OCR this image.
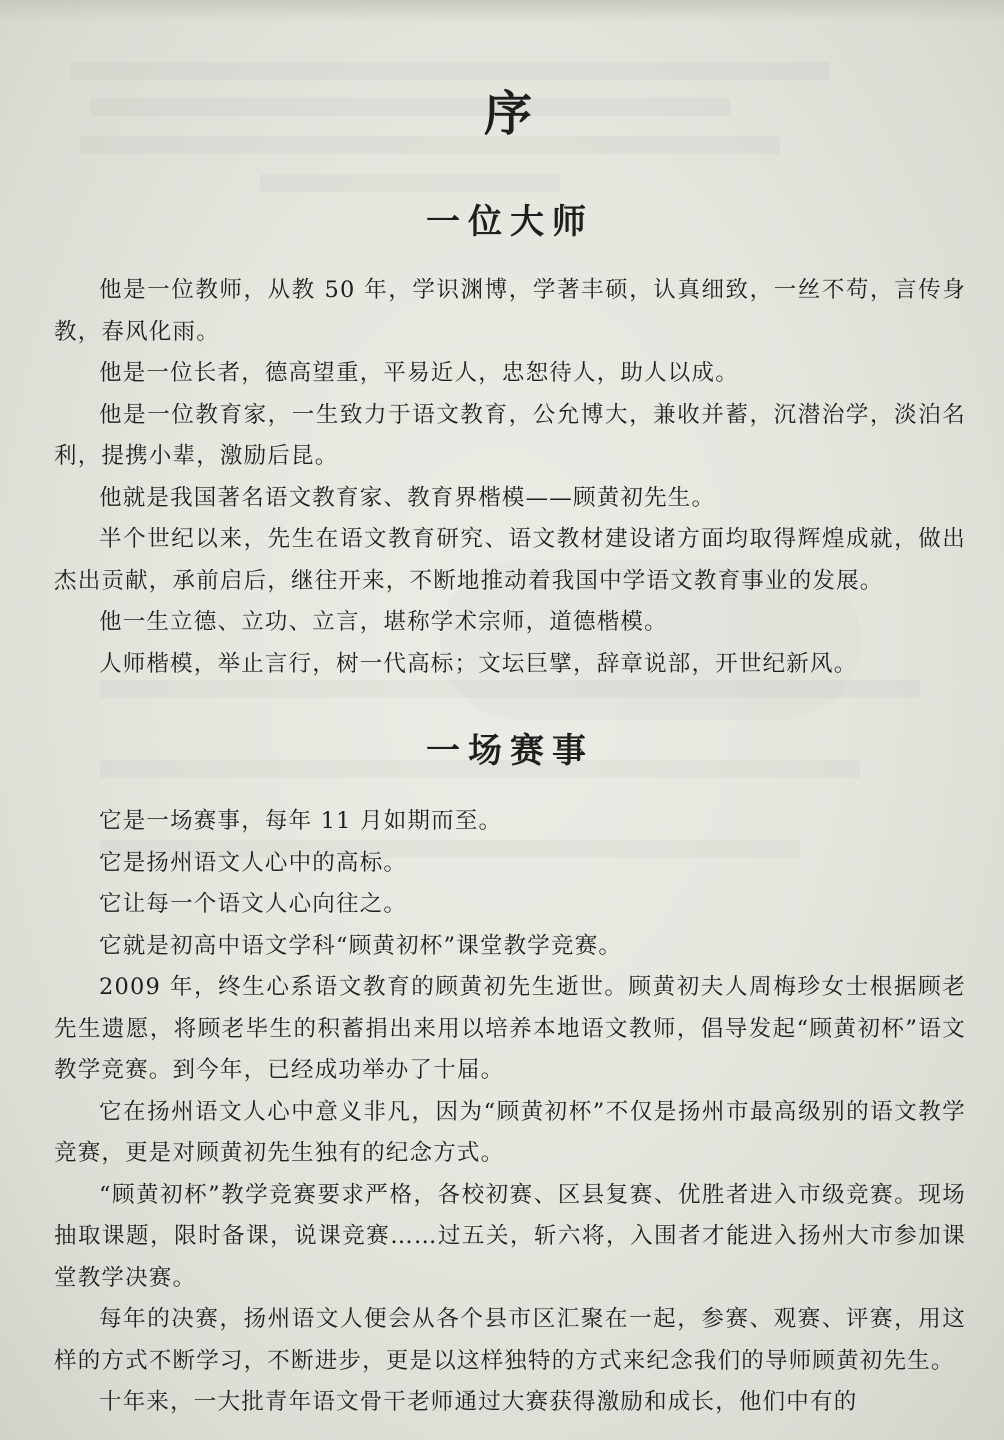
序
一位大师

他是一位教师，从教 50 年，学识渊博，学著丰硕，认真细致，一丝不苟，言传身教，春风化雨。

他是一位长者，德高望重，平易近人，忠恕待人，助人以成。

他是一位教育家，一生致力于语文教育，公允博大，兼收并蓄，沉潜治学，淡泊名利，提携小辈，激励后昆。

他就是我国著名语文教育家、教育界楷模——顾黄初先生。

半个世纪以来，先生在语文教育研究、语文教材建设诸方面均取得辉煌成就，做出杰出贡献，承前启后，继往开来，不断地推动着我国中学语文教育事业的发展。

他一生立德、立功、立言，堪称学术宗师，道德楷模。

人师楷模，举止言行，树一代高标；文坛巨擘，辞章说部，开世纪新风。

一场赛事

它是一场赛事，每年 11 月如期而至。

它是扬州语文人心中的高标。

它让每一个语文人心向往之。

它就是初高中语文学科“顾黄初杯”课堂教学竞赛。

2009 年，终生心系语文教育的顾黄初先生逝世。顾黄初夫人周梅珍女士根据顾老先生遗愿，将顾老毕生的积蓄捐出来用以培养本地语文教师，倡导发起“顾黄初杯”语文教学竞赛。到今年，已经成功举办了十届。

它在扬州语文人心中意义非凡，因为“顾黄初杯”不仅是扬州市最高级别的语文教学竞赛，更是对顾黄初先生独有的纪念方式。

“顾黄初杯”教学竞赛要求严格，各校初赛、区县复赛、优胜者进入市级竞赛。现场抽取课题，限时备课，说课竞赛……过五关，斩六将，入围者才能进入扬州大市参加课堂教学决赛。

每年的决赛，扬州语文人便会从各个县市区汇聚在一起，参赛、观赛、评赛，用这样的方式不断学习，不断进步，更是以这样独特的方式来纪念我们的导师顾黄初先生。

十年来，一大批青年语文骨干老师通过大赛获得激励和成长，他们中有的
